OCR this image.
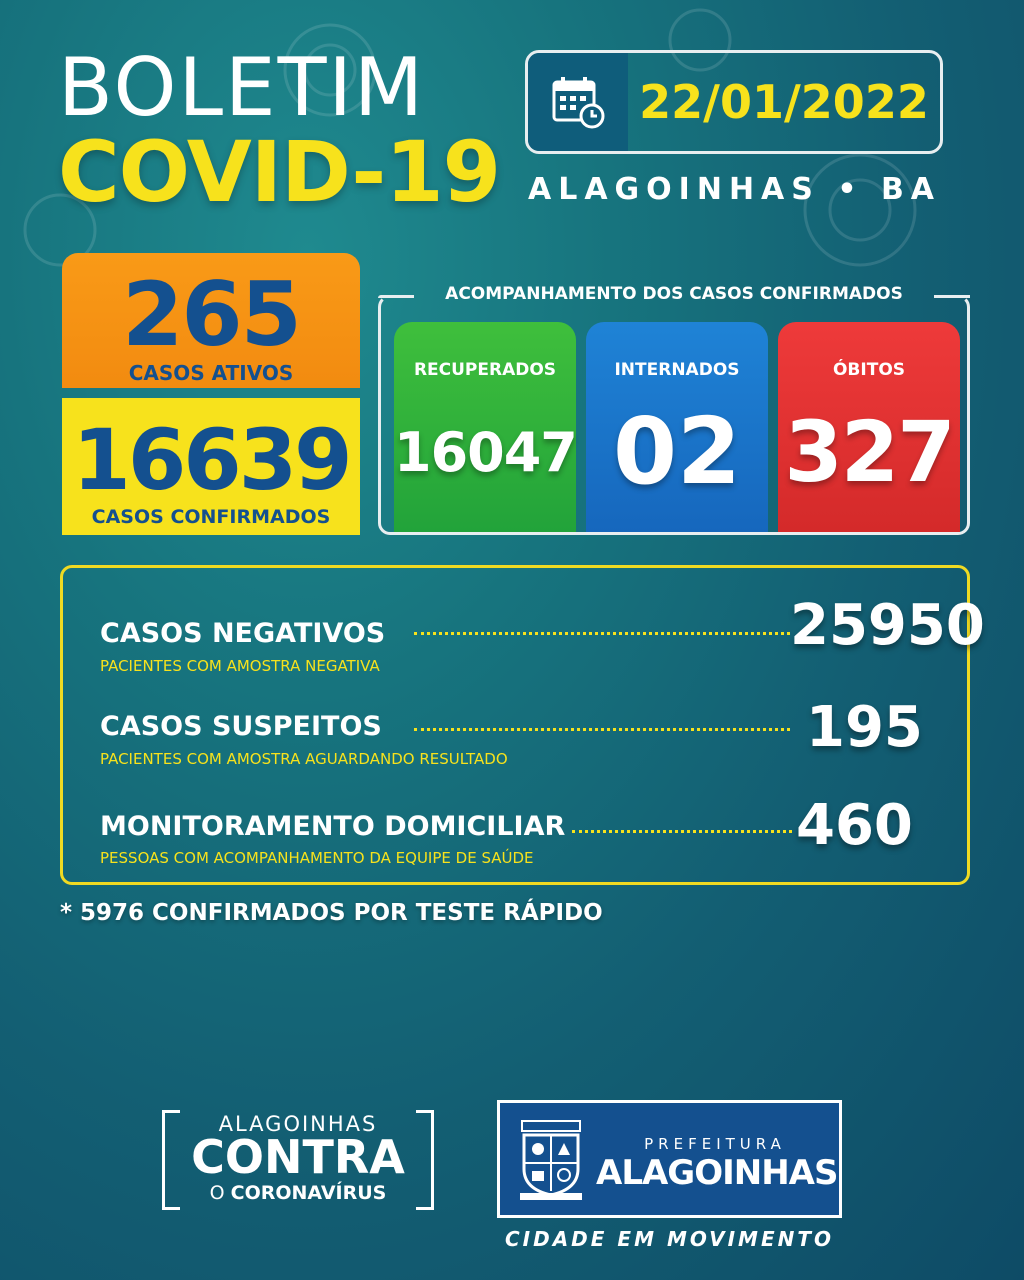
BOLETIM
COVID-19
22/01/2022
ALAGOINHAS • BA
265
CASOS ATIVOS
16639
CASOS CONFIRMADOS
ACOMPANHAMENTO DOS CASOS CONFIRMADOS
RECUPERADOS
16047
INTERNADOS
02
ÓBITOS
327
CASOS NEGATIVOS	25950
PACIENTES COM AMOSTRA NEGATIVA
CASOS SUSPEITOS	195
PACIENTES COM AMOSTRA AGUARDANDO RESULTADO
MONITORAMENTO DOMICILIAR	460
PESSOAS COM ACOMPANHAMENTO DA EQUIPE DE SAÚDE
* 5976 CONFIRMADOS POR TESTE RÁPIDO
ALAGOINHAS
CONTRA
O CORONAVÍRUS
PREFEITURA
ALAGOINHAS
CIDADE EM MOVIMENTO
